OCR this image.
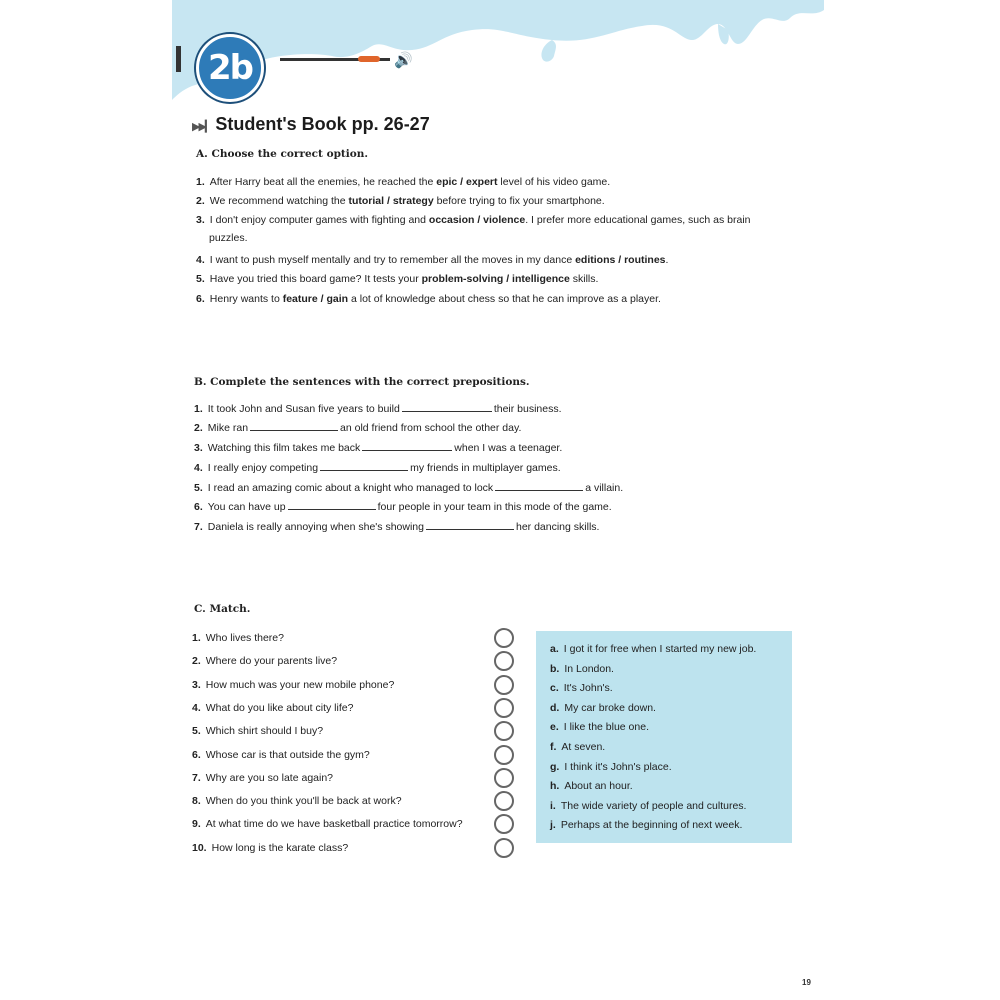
2b	🔊
▶▶▎ Student's Book pp. 26-27
A. Choose the correct option.
1. After Harry beat all the enemies, he reached the epic / expert level of his video game.
2. We recommend watching the tutorial / strategy before trying to fix your smartphone.
3. I don't enjoy computer games with fighting and occasion / violence. I prefer more educational games, such as brain
puzzles.
4. I want to push myself mentally and try to remember all the moves in my dance editions / routines.
5. Have you tried this board game? It tests your problem-solving / intelligence skills.
6. Henry wants to feature / gain a lot of knowledge about chess so that he can improve as a player.
B. Complete the sentences with the correct prepositions.
1. It took John and Susan five years to build	their business.
2. Mike ran	an old friend from school the other day.
3. Watching this film takes me back	when I was a teenager.
4. I really enjoy competing	my friends in multiplayer games.
5. I read an amazing comic about a knight who managed to lock	a villain.
6. You can have up	four people in your team in this mode of the game.
7. Daniela is really annoying when she's showing	her dancing skills.
C. Match.
1. Who lives there?
2. Where do your parents live?
3. How much was your new mobile phone?
4. What do you like about city life?
5. Which shirt should I buy?
6. Whose car is that outside the gym?
7. Why are you so late again?
8. When do you think you'll be back at work?
9. At what time do we have basketball practice tomorrow?
10. How long is the karate class?
a. I got it for free when I started my new job.
b. In London.
c. It's John's.
d. My car broke down.
e. I like the blue one.
f. At seven.
g. I think it's John's place.
h. About an hour.
i. The wide variety of people and cultures.
j. Perhaps at the beginning of next week.
19
